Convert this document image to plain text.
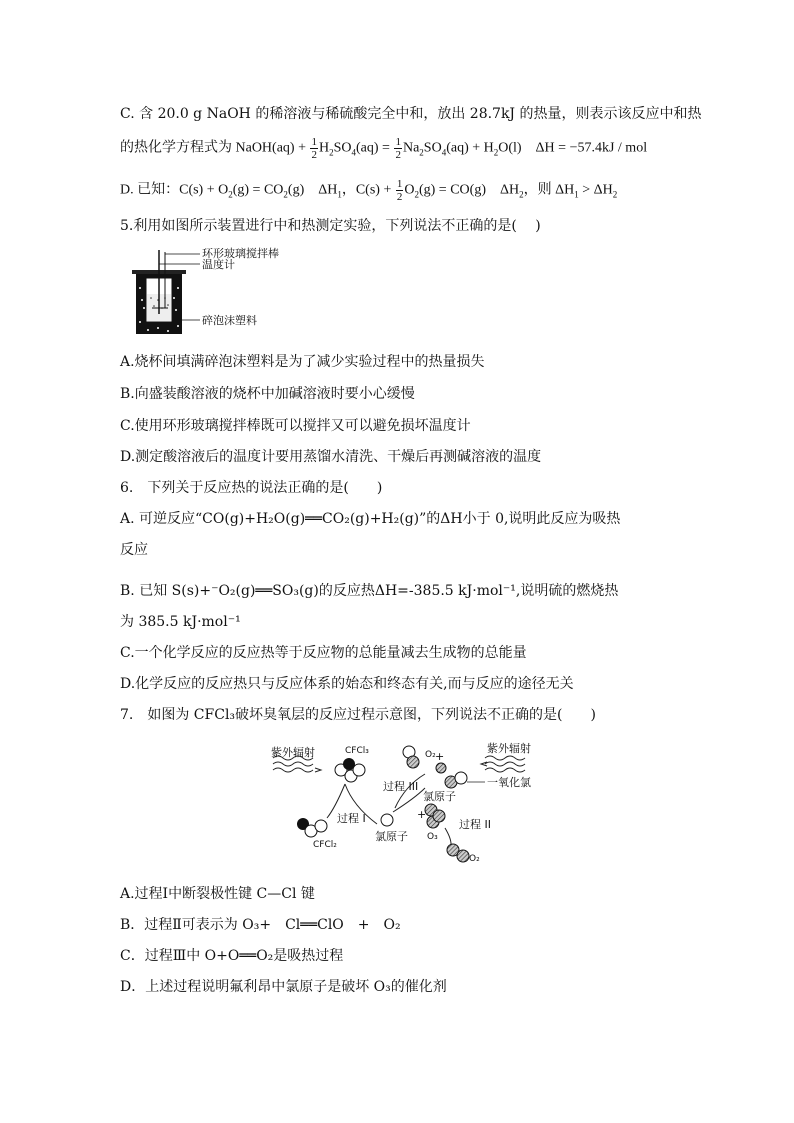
C. 含 20.0 g NaOH 的稀溶液与稀硫酸完全中和，放出 28.7kJ 的热量，则表示该反应中和热
的热化学方程式为 NaOH(aq) + $\frac{1}{2} H_2SO_4(aq) = \frac{1}{2} Na_2SO_4(aq) + H_2O(l)$　ΔH = −57.4kJ / mol
D. 已知：$C(s) + O_2(g) = CO_2(g)$　$\Delta H_1$，$C(s) + \frac{1}{2} O_2(g) = CO(g)$　$\Delta H_2$，则 $\Delta H_1 > \Delta H_2$
5.利用如图所示装置进行中和热测定实验，下列说法不正确的是(　 )
环形玻璃搅拌棒
温度计
碎泡沫塑料
A.烧杯间填满碎泡沫塑料是为了减少实验过程中的热量损失
B.向盛装酸溶液的烧杯中加碱溶液时要小心缓慢
C.使用环形玻璃搅拌棒既可以搅拌又可以避免损坏温度计
D.测定酸溶液后的温度计要用蒸馏水清洗、干燥后再测碱溶液的温度
6.　下列关于反应热的说法正确的是(　　)
A. 可逆反应“CO(g)+H₂O(g)══CO₂(g)+H₂(g)”的ΔH小于 0,说明此反应为吸热
反应
B. 已知 S(s)+⁻O₂(g)══SO₃(g)的反应热ΔH=-385.5 kJ·mol⁻¹,说明硫的燃烧热
为 385.5 kJ·mol⁻¹
C.一个化学反应的反应热等于反应物的总能量减去生成物的总能量
D.化学反应的反应热只与反应体系的始态和终态有关,而与反应的途径无关
7.　如图为 CFCl₃破坏臭氧层的反应过程示意图，下列说法不正确的是(　　)
紫外辐射	紫外辐射
CFCl₃
CFCl₂
O₂
O₂
O₃
过程 I	过程 II
过程 III
氯原子
氯原子
一氧化氯
+
+
A.过程Ⅰ中断裂极性键 C—Cl 键
B．过程Ⅱ可表示为 O₃+　Cl══ClO　+　O₂
C．过程Ⅲ中 O+O══O₂是吸热过程
D．上述过程说明氟利昂中氯原子是破坏 O₃的催化剂
